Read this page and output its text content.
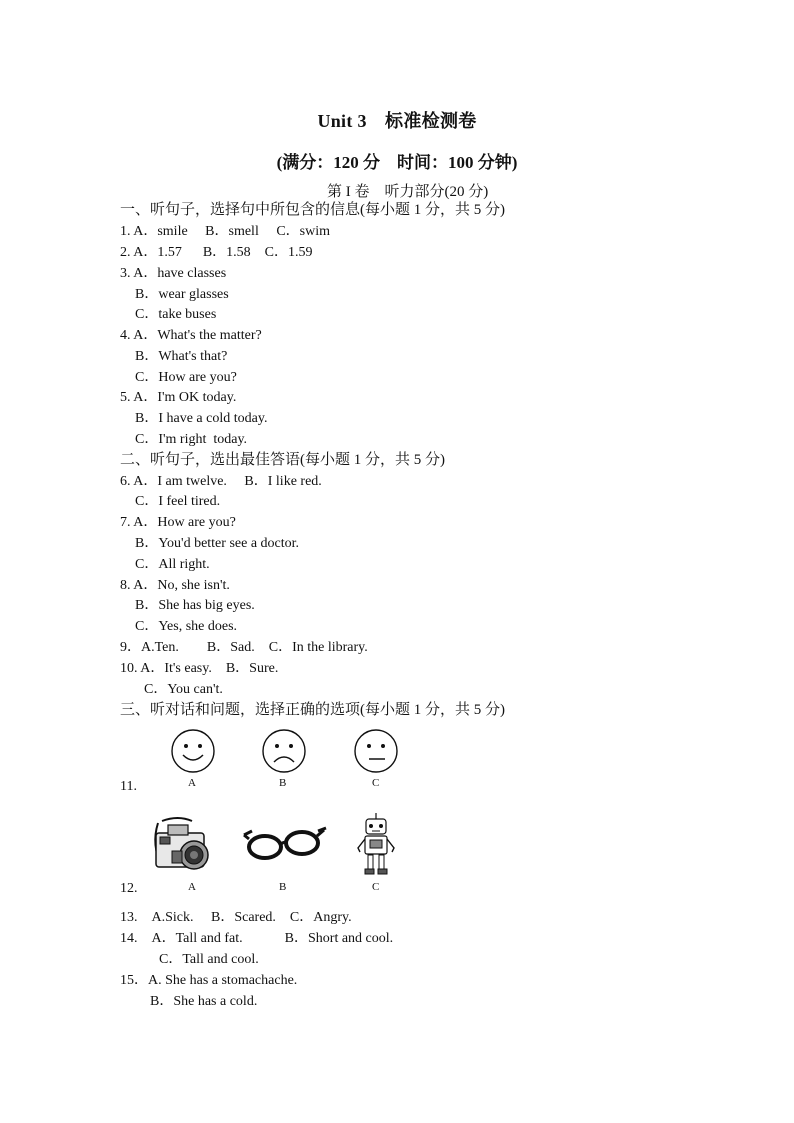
Unit 3　标准检测卷
(满分：120 分　时间：100 分钟)
第 I 卷　听力部分(20 分)
一、听句子，选择句中所包含的信息(每小题 1 分，共 5 分)
1. A．smile　 B．smell　 C．swim
2. A．1.57　  B．1.58　C．1.59
3. A．have classes
B．wear glasses
C．take buses
4. A．What's the matter?
B．What's that?
C．How are you?
5. A．I'm OK today.
B．I have a cold today.
C．I'm right  today.
二、听句子，选出最佳答语(每小题 1 分，共 5 分)
6. A．I am twelve.　 B．I like red.
C．I feel tired.
7. A．How are you?
B．You'd better see a doctor.
C．All right.
8. A．No, she isn't.
B．She has big eyes.
C．Yes, she does.
9．A.Ten.　　B．Sad.　C．In the library.
10. A．It's easy.　B．Sure.
C．You can't.
三、听对话和问题，选择正确的选项(每小题 1 分，共 5 分)
11.	A	B	C
12.	A	B	C
13.　A.Sick.　 B．Scared.　C．Angry.
14.　A．Tall and fat.　　　B．Short and cool.
C．Tall and cool.
15．A. She has a stomachache.
B．She has a cold.
